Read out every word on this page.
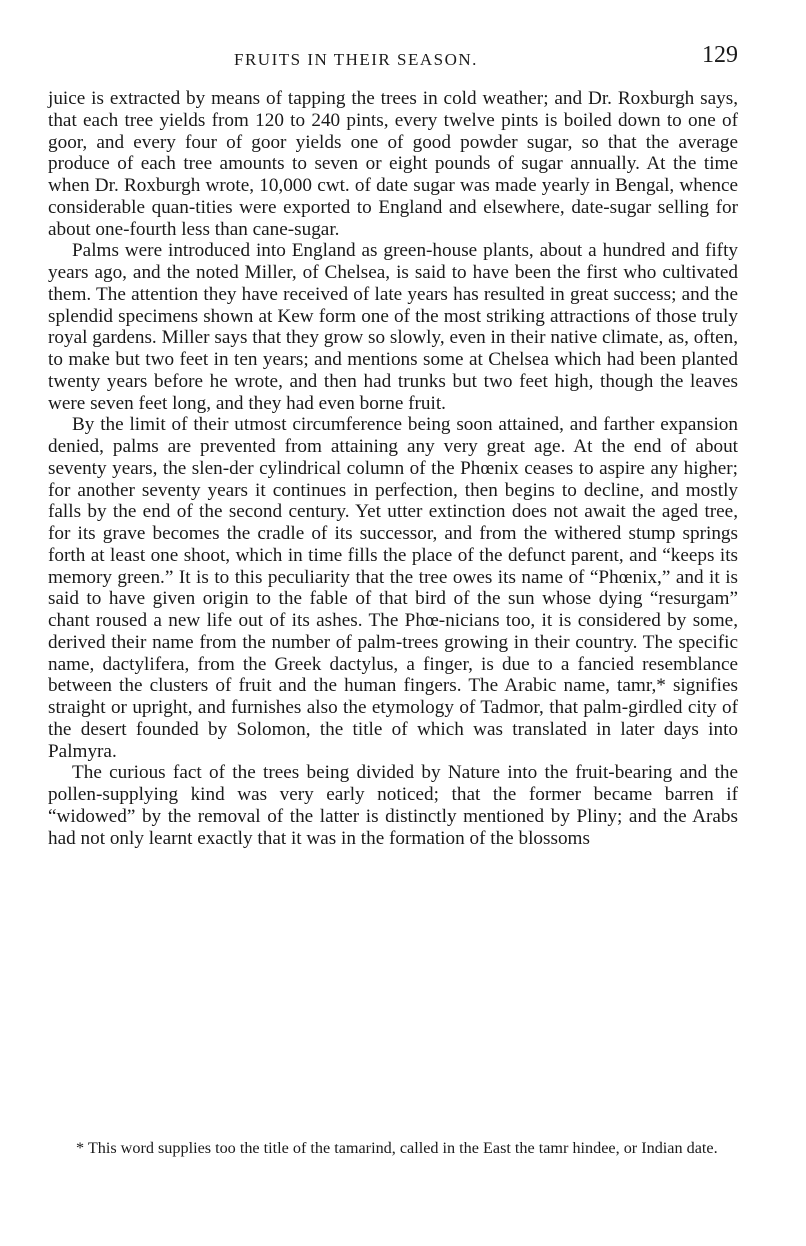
FRUITS IN THEIR SEASON.	129

juice is extracted by means of tapping the trees in cold weather; and Dr. Roxburgh says, that each tree yields from 120 to 240 pints, every twelve pints is boiled down to one of goor, and every four of goor yields one of good powder sugar, so that the average produce of each tree amounts to seven or eight pounds of sugar annually. At the time when Dr. Roxburgh wrote, 10,000 cwt. of date sugar was made yearly in Bengal, whence considerable quan-tities were exported to England and elsewhere, date-sugar selling for about one-fourth less than cane-sugar.

Palms were introduced into England as green-house plants, about a hundred and fifty years ago, and the noted Miller, of Chelsea, is said to have been the first who cultivated them. The attention they have received of late years has resulted in great success; and the splendid specimens shown at Kew form one of the most striking attractions of those truly royal gardens. Miller says that they grow so slowly, even in their native climate, as, often, to make but two feet in ten years; and mentions some at Chelsea which had been planted twenty years before he wrote, and then had trunks but two feet high, though the leaves were seven feet long, and they had even borne fruit.

By the limit of their utmost circumference being soon attained, and farther expansion denied, palms are prevented from attaining any very great age. At the end of about seventy years, the slen-der cylindrical column of the Phœnix ceases to aspire any higher; for another seventy years it continues in perfection, then begins to decline, and mostly falls by the end of the second century. Yet utter extinction does not await the aged tree, for its grave becomes the cradle of its successor, and from the withered stump springs forth at least one shoot, which in time fills the place of the defunct parent, and “keeps its memory green.” It is to this peculiarity that the tree owes its name of “Phœnix,” and it is said to have given origin to the fable of that bird of the sun whose dying “resurgam” chant roused a new life out of its ashes. The Phœ-nicians too, it is considered by some, derived their name from the number of palm-trees growing in their country. The specific name, dactylifera, from the Greek dactylus, a finger, is due to a fancied resemblance between the clusters of fruit and the human fingers. The Arabic name, tamr,* signifies straight or upright, and furnishes also the etymology of Tadmor, that palm-girdled city of the desert founded by Solomon, the title of which was translated in later days into Palmyra.

The curious fact of the trees being divided by Nature into the fruit-bearing and the pollen-supplying kind was very early noticed; that the former became barren if “widowed” by the removal of the latter is distinctly mentioned by Pliny; and the Arabs had not only learnt exactly that it was in the formation of the blossoms

* This word supplies too the title of the tamarind, called in the East the tamr hindee, or Indian date.
